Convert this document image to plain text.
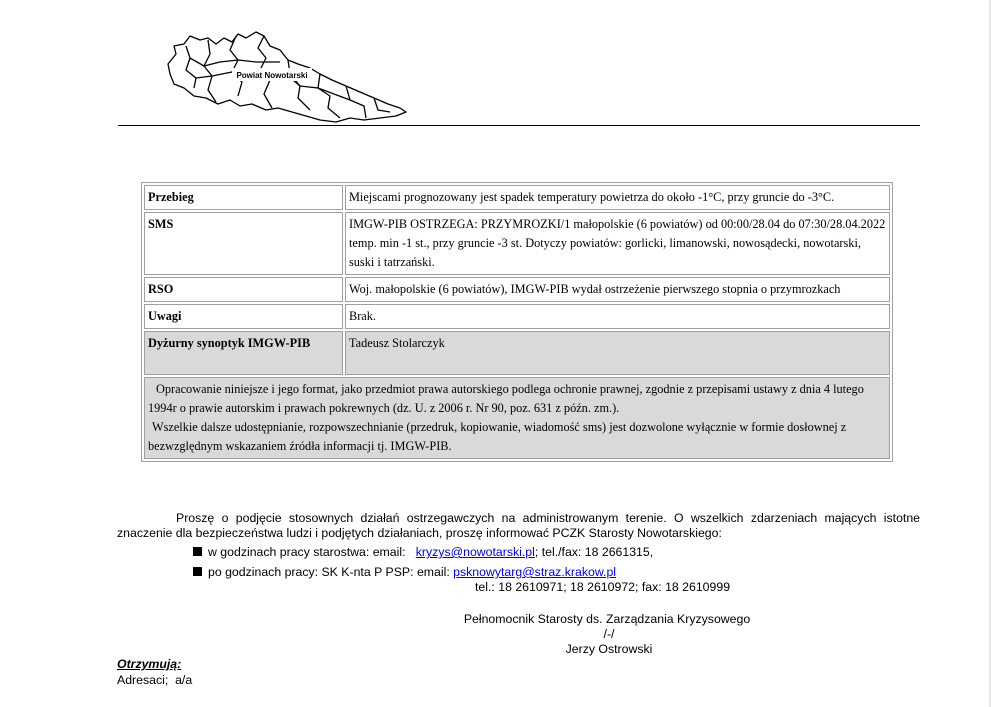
Powiat Nowotarski
Przebieg	Miejscami prognozowany jest spadek temperatury powietrza do około -1°C, przy gruncie do -3°C.
SMS	IMGW-PIB OSTRZEGA: PRZYMROZKI/1 małopolskie (6 powiatów) od 00:00/28.04 do 07:30/28.04.2022 temp. min -1 st., przy gruncie -3 st. Dotyczy powiatów: gorlicki, limanowski, nowosądecki, nowotarski, suski i tatrzański.
RSO	Woj. małopolskie (6 powiatów), IMGW-PIB wydał ostrzeżenie pierwszego stopnia o przymrozkach
Uwagi	Brak.
Dyżurny synoptyk IMGW-PIB	Tadeusz Stolarczyk

Opracowanie niniejsze i jego format, jako przedmiot prawa autorskiego podlega ochronie prawnej, zgodnie z przepisami ustawy z dnia 4 lutego 1994r o prawie autorskim i prawach pokrewnych (dz. U. z 2006 r. Nr 90, poz. 631 z późn. zm.).

Wszelkie dalsze udostępnianie, rozpowszechnianie (przedruk, kopiowanie, wiadomość sms) jest dozwolone wyłącznie w formie dosłownej z bezwzględnym wskazaniem źródła informacji tj. IMGW-PIB.	

Proszę o podjęcie stosownych działań ostrzegawczych na administrowanym terenie. O wszelkich zdarzeniach mających istotne znaczenie dla bezpieczeństwa ludzi i podjętych działaniach, proszę informować PCZK Starosty Nowotarskiego:
w godzinach pracy starostwa: email: kryzys@nowotarski.pl; tel./fax: 18 2661315,
po godzinach pracy: SK K-nta P PSP: email: psknowytarg@straz.krakow.pl
tel.: 18 2610971; 18 2610972; fax: 18 2610999
Pełnomocnik Starosty ds. Zarządzania Kryzysowego
/-/
Jerzy Ostrowski
Otrzymują:
Adresaci;  a/a
